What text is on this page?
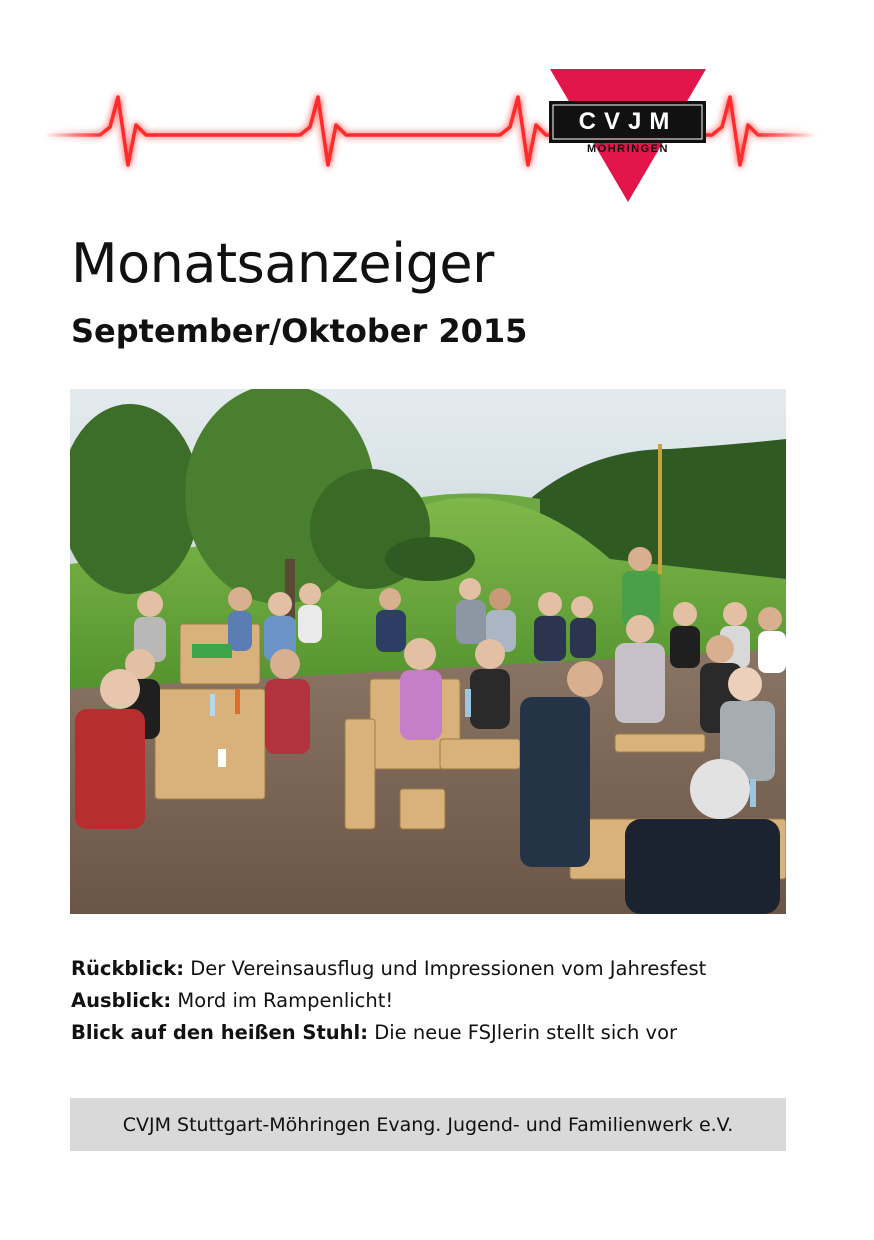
CVJM
MÖHRINGEN
Monatsanzeiger
September/Oktober 2015
Rückblick: Der Vereinsausflug und Impressionen vom Jahresfest
Ausblick: Mord im Rampenlicht!
Blick auf den heißen Stuhl: Die neue FSJlerin stellt sich vor
CVJM Stuttgart-Möhringen Evang. Jugend- und Familienwerk e.V.
